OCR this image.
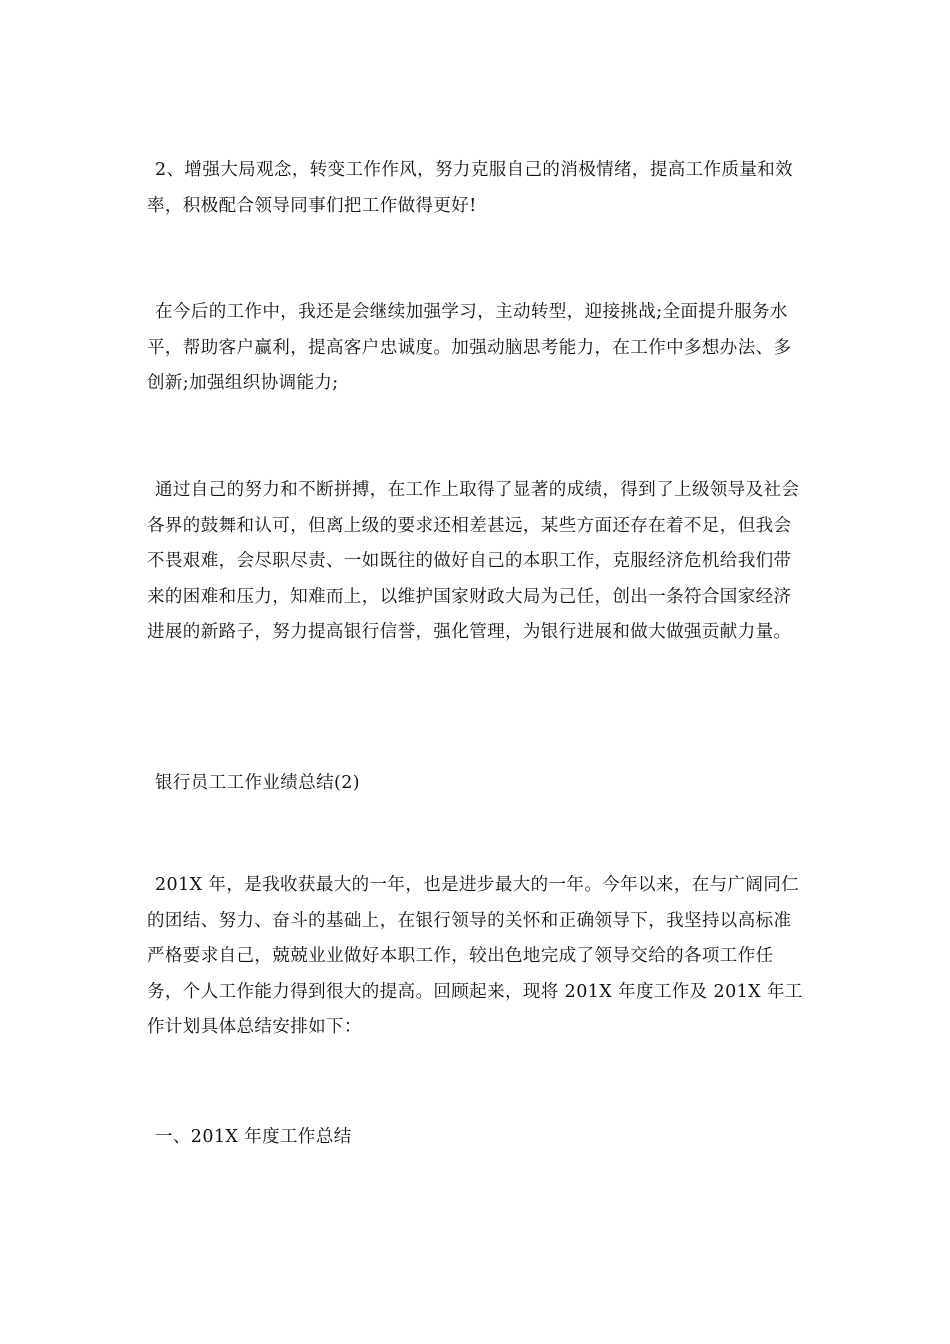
2、增强大局观念，转变工作作风，努力克服自己的消极情绪，提高工作质量和效率，积极配合领导同事们把工作做得更好!

在今后的工作中，我还是会继续加强学习，主动转型，迎接挑战;全面提升服务水平，帮助客户赢利，提高客户忠诚度。加强动脑思考能力，在工作中多想办法、多创新;加强组织协调能力;

通过自己的努力和不断拼搏，在工作上取得了显著的成绩，得到了上级领导及社会各界的鼓舞和认可，但离上级的要求还相差甚远，某些方面还存在着不足，但我会不畏艰难，会尽职尽责、一如既往的做好自己的本职工作，克服经济危机给我们带来的困难和压力，知难而上，以维护国家财政大局为己任，创出一条符合国家经济进展的新路子，努力提高银行信誉，强化管理，为银行进展和做大做强贡献力量。

银行员工工作业绩总结(2)

201X 年，是我收获最大的一年，也是进步最大的一年。今年以来，在与广阔同仁的团结、努力、奋斗的基础上，在银行领导的关怀和正确领导下，我坚持以高标准严格要求自己，兢兢业业做好本职工作，较出色地完成了领导交给的各项工作任务，个人工作能力得到很大的提高。回顾起来，现将 201X 年度工作及 201X 年工作计划具体总结安排如下：

一、201X 年度工作总结
